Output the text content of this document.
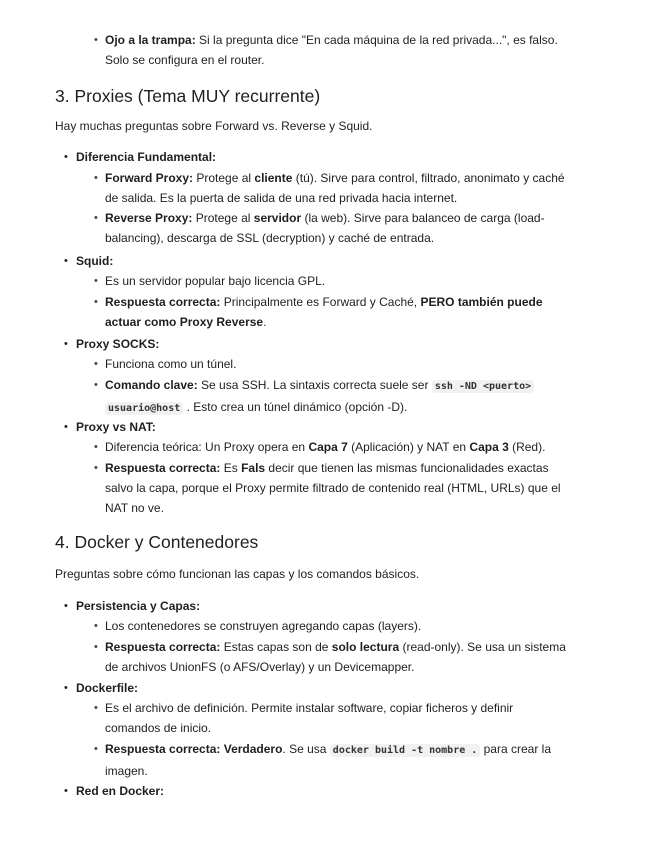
• Ojo a la trampa: Si la pregunta dice "En cada máquina de la red privada...", es falso.
Solo se configura en el router.
3. Proxies (Tema MUY recurrente)

Hay muchas preguntas sobre Forward vs. Reverse y Squid.

• Diferencia Fundamental:
• Forward Proxy: Protege al cliente (tú). Sirve para control, filtrado, anonimato y caché
de salida. Es la puerta de salida de una red privada hacia internet.
• Reverse Proxy: Protege al servidor (la web). Sirve para balanceo de carga (load-
balancing), descarga de SSL (decryption) y caché de entrada.
• Squid:
• Es un servidor popular bajo licencia GPL.
• Respuesta correcta: Principalmente es Forward y Caché, PERO también puede
actuar como Proxy Reverse.
• Proxy SOCKS:
• Funciona como un túnel.
• Comando clave: Se usa SSH. La sintaxis correcta suele ser ssh -ND <puerto>
usuario@host . Esto crea un túnel dinámico (opción -D).
• Proxy vs NAT:
• Diferencia teórica: Un Proxy opera en Capa 7 (Aplicación) y NAT en Capa 3 (Red).
• Respuesta correcta: Es Fals decir que tienen las mismas funcionalidades exactas
salvo la capa, porque el Proxy permite filtrado de contenido real (HTML, URLs) que el
NAT no ve.
4. Docker y Contenedores

Preguntas sobre cómo funcionan las capas y los comandos básicos.

• Persistencia y Capas:
• Los contenedores se construyen agregando capas (layers).
• Respuesta correcta: Estas capas son de solo lectura (read-only). Se usa un sistema
de archivos UnionFS (o AFS/Overlay) y un Devicemapper.
• Dockerfile:
• Es el archivo de definición. Permite instalar software, copiar ficheros y definir
comandos de inicio.
• Respuesta correcta: Verdadero. Se usa docker build -t nombre . para crear la
imagen.
• Red en Docker:
